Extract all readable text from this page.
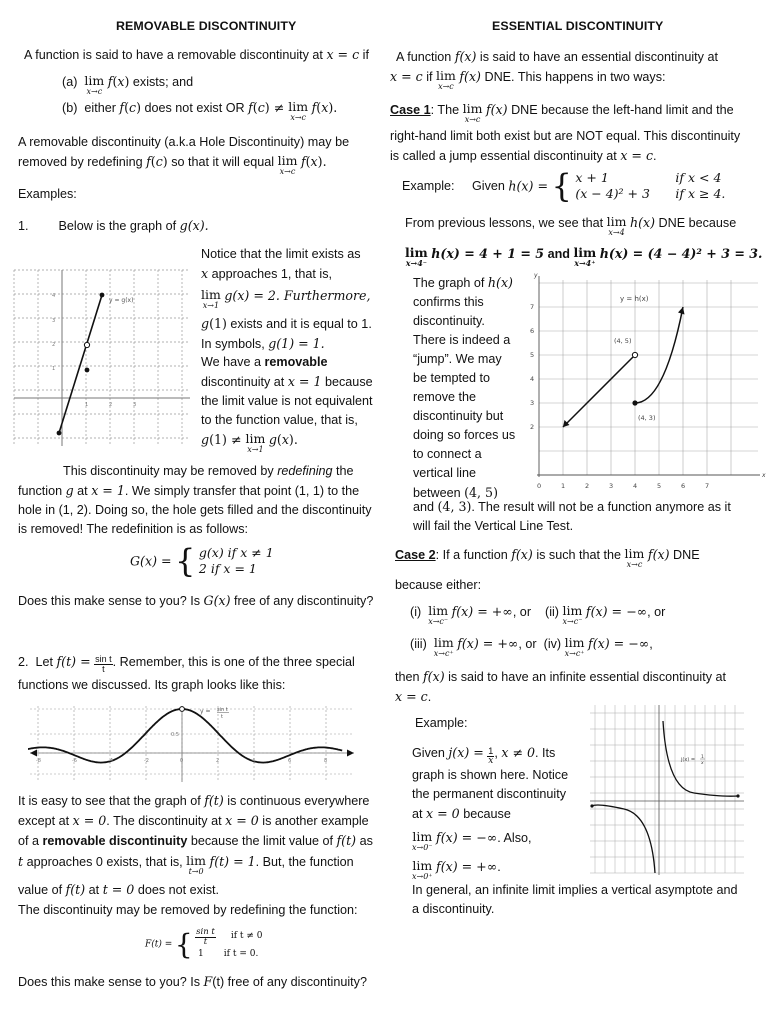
REMOVABLE DISCONTINUITY
A function is said to have a removable discontinuity at x = c if
(a) lim
x→c
f(x) exists; and
(b) either f(c) does not exist OR f(c) ≠ lim
x→c
f(x).
A removable discontinuity (a.k.a Hole Discontinuity) may be
removed by redefining f(c) so that it will equal lim
x→c
f(x).
Examples:
1. Below is the graph of g(x).
y = g(x)
4
3
2
1
1	2	3
Notice that the limit exists as
x approaches 1, that is,
lim
x→1
g(x) = 2. Furthermore,
g(1) exists and it is equal to 1.
In symbols, g(1) = 1.
We have a removable
discontinuity at x = 1 because
the limit value is not equivalent
to the function value, that is,
g(1) ≠ lim
x→1
g(x).
This discontinuity may be removed by redefining the
function g at x = 1. We simply transfer that point (1, 1) to the
hole in (1, 2). Doing so, the hole gets filled and the discontinuity
is removed! The redefinition is as follows:
G(x) = { g(x) if x ≠ 1
2 if x = 1
Does this make sense to you? Is G(x) free of any discontinuity?
2.  Let $f(t) = \frac{\text{sin t}}{t}$ . Remember, this is one of the three special
functions we discussed. Its graph looks like this:
y = sin t
t
0.5
-8	-6	-4	-2	0	2	4	6	8
It is easy to see that the graph of f(t) is continuous everywhere
except at x = 0. The discontinuity at x = 0 is another example
of a removable discontinuity because the limit value of f(t) as
t approaches 0 exists, that is, lim
t→0
f(t) = 1. But, the function
value of f(t) at t = 0 does not exist.
The discontinuity may be removed by redefining the function:
F(t) = { $\frac{\text{sin t}}{t}$ if t ≠ 0
1 if t = 0.
Does this make sense to you? Is F(t) free of any discontinuity?
ESSENTIAL DISCONTINUITY
A function f(x) is said to have an essential discontinuity at
x = c if lim
x→c
f(x) DNE. This happens in two ways:
Case 1: The lim
x→c
f(x) DNE because the left-hand limit and the
right-hand limit both exist but are NOT equal. This discontinuity
is called a jump essential discontinuity at x = c.
Example: Given h(x) = { x + 1	if x < 4
(x − 4)² + 3 if x ≥ 4.
From previous lessons, we see that lim
x→4
h(x) DNE because
lim
x→4⁻
h(x) = 4 + 1 = 5 and lim
x→4⁺
h(x) = (4 − 4)² + 3 = 3.
The graph of h(x)
confirms this
discontinuity.
There is indeed a
“jump”. We may
be tempted to
remove the
discontinuity but
doing so forces us
to connect a
vertical line
between (4, 5)
and (4, 3). The result will not be a function anymore as it
will fail the Vertical Line Test.
y = h(x)
(4, 5)
(4, 3)
y
x
0	1	2	3	4	5	6	7
2
3
4
5
6
7
Case 2: If a function f(x) is such that the lim
x→c
f(x) DNE
because either:
(i) lim
x→c⁻
f(x) = +∞, or    (ii) lim
x→c⁻
f(x) = −∞, or
(iii) lim
x→c⁺
f(x) = +∞, or  (iv) lim
x→c⁺
f(x) = −∞,
then f(x) is said to have an infinite essential discontinuity at
x = c.
Example:
Given $j(x) = \frac{1}{x}$ , x ≠ 0. Its
graph is shown here. Notice
the permanent discontinuity
at x = 0 because
lim
x→0⁻
f(x) = −∞. Also,
lim
x→0⁺
f(x) = +∞.
j(x) = 1
x
In general, an infinite limit implies a vertical asymptote and
a discontinuity.
